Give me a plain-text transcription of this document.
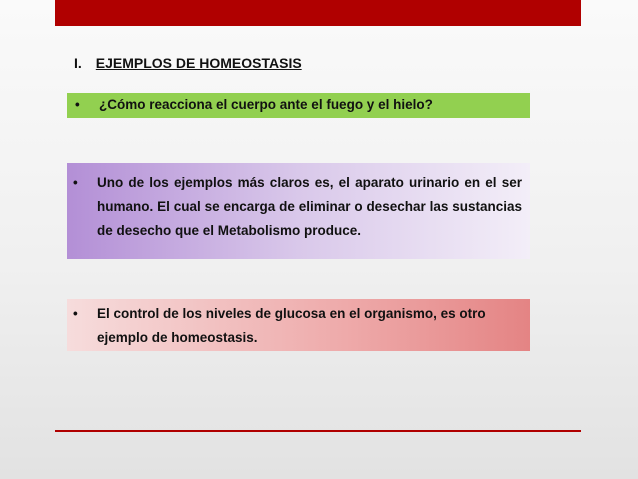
I. EJEMPLOS DE HOMEOSTASIS
•	¿Cómo reacciona el cuerpo ante el fuego y el hielo?
•	Uno de los ejemplos más claros es, el aparato urinario en el ser humano. El cual se encarga de eliminar o desechar las sustancias de desecho que el Metabolismo produce.
•	El control de los niveles de glucosa en el organismo, es otro ejemplo de homeostasis.
